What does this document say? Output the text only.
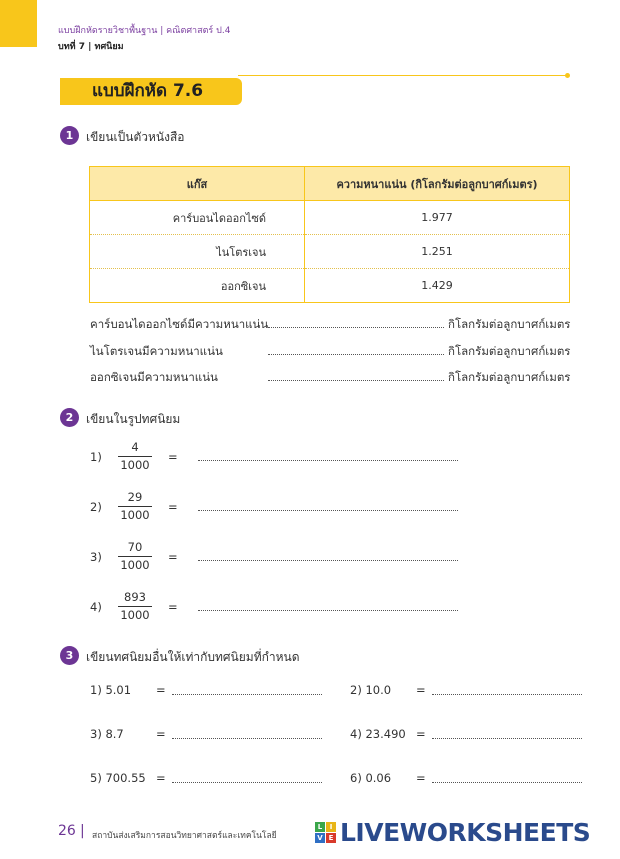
แบบฝึกหัดรายวิชาพื้นฐาน | คณิตศาสตร์ ป.4
บทที่ 7 | ทศนิยม
แบบฝึกหัด 7.6
1	เขียนเป็นตัวหนังสือ
แก๊ส	ความหนาแน่น (กิโลกรัมต่อลูกบาศก์เมตร)
คาร์บอนไดออกไซด์	1.977
ไนโตรเจน	1.251
ออกซิเจน	1.429
คาร์บอนไดออกไซด์มีความหนาแน่น	กิโลกรัมต่อลูกบาศก์เมตร
ไนโตรเจนมีความหนาแน่น	กิโลกรัมต่อลูกบาศก์เมตร
ออกซิเจนมีความหนาแน่น	กิโลกรัมต่อลูกบาศก์เมตร
2	เขียนในรูปทศนิยม
1)
4
1000
=
2)
29
1000
=
3)
70
1000
=
4)
893
1000
=
3	เขียนทศนิยมอื่นให้เท่ากับทศนิยมที่กำหนด
1) 5.01 =	2) 10.0 =
3) 8.7	=	4) 23.490 =
5) 700.55 =	6) 0.06 =
26 | สถาบันส่งเสริมการสอนวิทยาศาสตร์และเทคโนโลยี
L	I
V E LIVEWORKSHEETS
